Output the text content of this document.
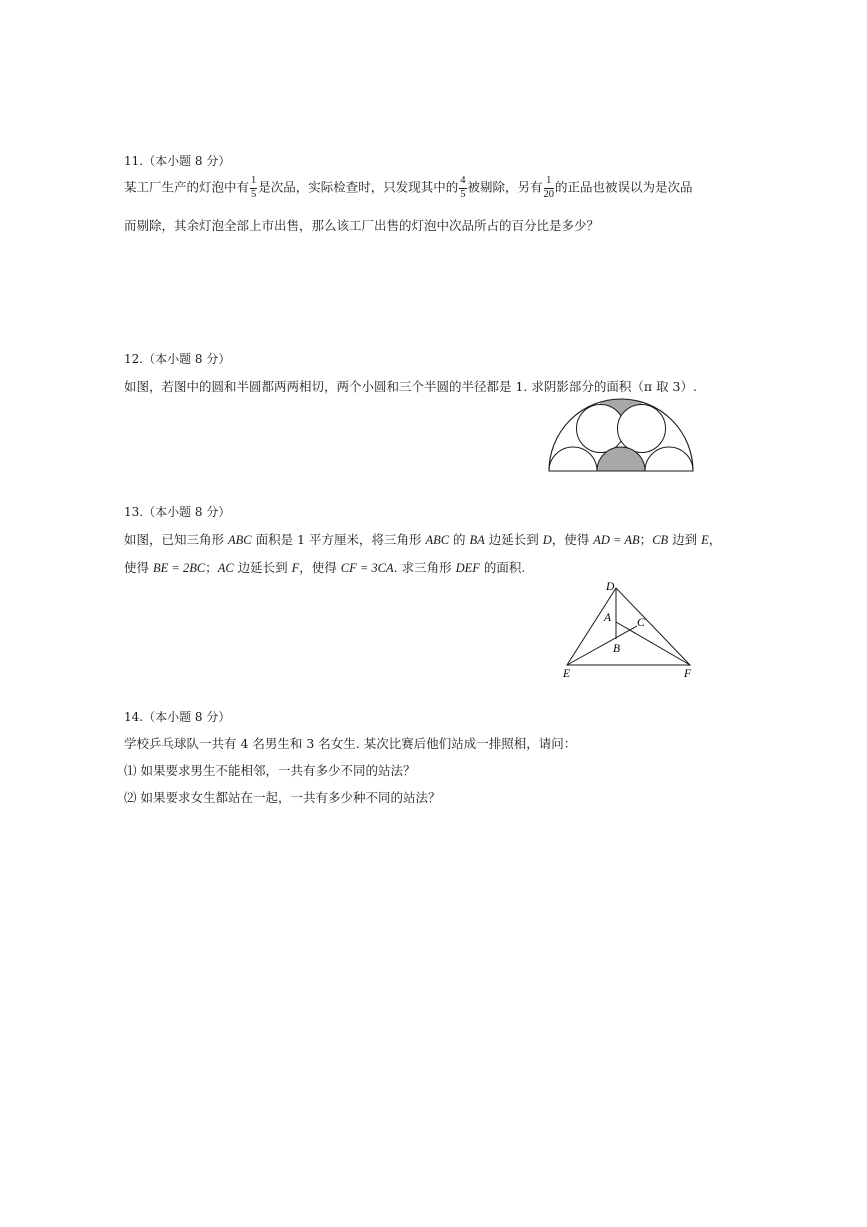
11.（本小题 8 分）
某工厂生产的灯泡中有 $\frac{1}{5}$ 是次品，实际检查时，只发现其中的 $\frac{4}{5}$ 被剔除，另有 $\frac{1}{20}$ 的正品也被误以为是次品
而剔除，其余灯泡全部上市出售，那么该工厂出售的灯泡中次品所占的百分比是多少？
12.（本小题 8 分）
如图，若图中的圆和半圆都两两相切，两个小圆和三个半圆的半径都是 1. 求阴影部分的面积（π 取 3）.
13.（本小题 8 分）
如图，已知三角形 ABC 面积是 1 平方厘米，将三角形 ABC 的 BA 边延长到 D，使得 AD = AB；CB 边到 E，
使得 BE = 2BC；AC 边延长到 F，使得 CF = 3CA. 求三角形 DEF 的面积.
D
A C
B
E	F
14.（本小题 8 分）
学校乒乓球队一共有 4 名男生和 3 名女生. 某次比赛后他们站成一排照相，请问：
⑴ 如果要求男生不能相邻，一共有多少不同的站法？
⑵ 如果要求女生都站在一起，一共有多少种不同的站法？
